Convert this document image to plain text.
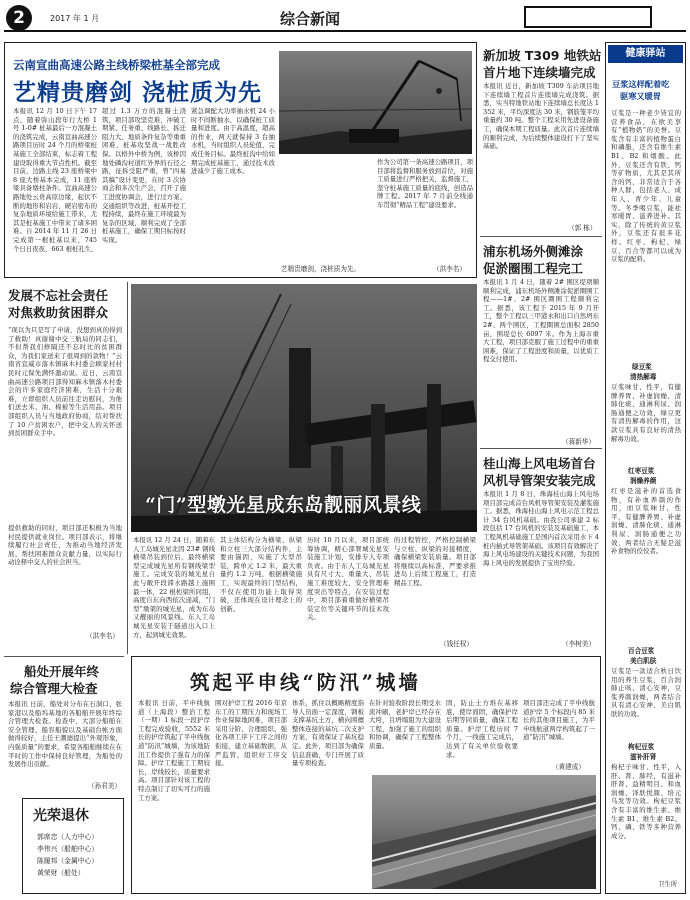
2	2017 年 1 月	综合新闻
云南宣曲高速公路主线桥梁桩基全部完成
艺精贵磨剑 浇桩质为先
本报讯 12 月 10 日下午 17 点，随着弥山段年行大桥 1 号 1-0# 桩基最后一方混凝土的浇筑完成，云南宣曲高速公路项目历时 24 个月的桥梁桩基施工全部结束，标志着工程建设取得重大节点性机。截至目前，边路主线 23 座桥梁中 8 座大桥基本完成，11 座桥梁具备墩柱条件。宣曲高速公路地处云贵高原边缘，起伏不断的地形和岩岩、硬岩密布的复杂地质环境给施工带来，尤其是桩基施工中带来了诸多困难。自 2014 年 11 月 26 日完成第一根桩基以来，745 个日日夜夜，663 根桩孔生,
超过 1.3 万方的混凝土浇筑，项目部攻坚克难，冲破工期紧、任务重、线路长、拆迁阻力大、地质条件复杂等重重困难，桩基攻坚战一战胜改保。以格外中桥为例，该桥因地处磷沟村道红外界的石径之路，征拆受阻严重，曾“四易其稿”设计变更，在时 3 次协商会和多次生产会，召开了施工进度协调会，进行过方案、交通组织等改进，桩基开挖工程持续，最终在施工环境最为复杂的区域，顺利完成了全部桩基施工，确保工期目标按时实现。
紧急调配大功率抽水机 24 小时不间断抽水，以确保桩工质量和进度。由于高温度，超高的作业，两天就保持 3 台抽水机，当时组织人员轮值，完成任务目标。最终桩沟中给如期完成桩基施工，通过技术改进减少了施工成本。
作为公司第一条高速公路项目，项目部将监督和服务放到首位，对施工质量进行严格把关，监督施工，坚守桩基施工质量的底线，创造品牌工程。2017 年 7 月前全线通车贯彻“精品工程”建设要求。
艺精贵磨剑，浇桩质为先。	（洪李名）
新加坡 T309 地铁站
首片地下连续墙完成
本报讯 近日，新加坡 T309 车站项目地下连续墙工程首片连续墙完成浇筑。据悉，实当特地铁站地下连续墙总长度达 1352 米，平均深度达 30 米，钢筋笼平均重量约 30 吨。整个工程采用先进设备施工，确保本期工程质量。此次首片连续墙的顺利完成，为后续整体建设打下了坚实基础。
（郭 栋）
浦东机场外侧滩涂
促淤圈围工程完工
本报讯 1 月 4 日，随着 2# 围区堤项顺顺利完成，浦东机场外侧滩涂促淤圈围工程——1#、2# 围区圈围工程顺利完工。据悉，该工程于 2015 年 9 月开工，整个工程以三甲港永和出口自然坍东 2#、两个围区，工程圈围总面积 2850 亩，围堤总长 6097 米。作为上海市重大工程，项目部克服了施工过程中的重重困难，保证了工程进度和质量，以优质工程交付使用。
（蒋新华）
桂山海上风电场首台
风机导管架安装完成
本报讯 1 月 8 日，珠海桂山海上风电场项目部完成首台风机导管架安装及灌浆施工。据悉，珠海桂山海上风电示范工程总计 34 台风机基础。由我公司承建 2 标段包括 17 台风机的安装及基础施工，本工程风机基础施工是国内首次采用水下 4 桩内插式导管架基础。该项目有效解决了海上风电场建设的关键技术问题，为我国海上风电的发展提供了宝贵经验。
（李树美）
健康驿站
豆浆这样配着吃
驱寒又暖胃
豆浆是一种老少皆宜的营养食品，在欧美享有“植物奶”的美誉。豆浆含有丰富的植物蛋白和磷脂，还含有维生素 B1、B2 和烟酸。此外，豆浆还含有铁、钙等矿物质，尤其是其所含的钙，非常适合于各种人群，包括老人、成年人、青少年、儿童等。冬季喝豆浆，能祛寒暖胃、滋养进补。其实，除了传统的黄豆浆外，豆浆还有很多花样。红枣、枸杞、绿豆、百合等都可以成为豆浆的配料。
绿豆浆
清热解毒
豆浆味甘、性平，有健脾养胃、补虚润燥、清肺化痰、通淋利尿、润肠通便之功效，绿豆更有清热解毒的作用，这款豆浆具有良好的清热解毒功效。
红枣豆浆
润燥养颜
红枣是滋补的首选食物，有补血养颜的作用，而豆浆味甘，性平，有健脾养胃、补虚润燥、清肺化痰、通淋利尿、润肠通便之功效，两者结合无疑是滋补食物的佼佼者。
百合豆浆
美白肌肤
豆浆是一款适合秋日饮用的养生豆浆，百合润肺止咳、清心安神，豆浆养颜润燥，两者结合具有清心安神、美白肌肤的功效。
枸杞豆浆
滋补肝肾
枸杞子味甘、性平，入肝、肾、肺经，有滋补肝肾、益精明目、和血润燥、泽肤悦颜、培元乌发等功效。枸杞豆浆含有丰富的维生素、维生素 B1、维生素 B2、钙、磷、铁等多种营养成分。
卫生所
发展不忘社会责任
对焦救助贫困群众
“现以为只是写了申请，没想到真的得到了救助！真谢谢中交三航局的同志们，不但帮我们修隔还不忘时比的贫困群众，为我们家送来了很周到的款物！”云南省宣威市落木镇麻木村委会顾家村村民时元保先满怀激动说。近日，云南宣曲高速公路项目部得知麻木镇落木村委会的许多家庭经济困难，生活十分艰难，立即组织人员前往走访慰问，为他们送去米、油、棉被等生活用品。项目部组织人员与当地政府协商，结对帮扶了 10 户贫困农户，把中交人的关怀送到贫困群众手中。
提供救助的同时，项目部还积极为当地村民提供就业岗位。项目部表示，将继续履行社会责任，为推动当地经济发展、帮扶困难群众贡献力量，以实际行动诠释中交人的社会担当。
（洪李名）
“门”型墩光星成东岛靓丽风景线
本报讯 12 月 24 日，随着东人工岛城光星北因 23# 钢线横梁吊装到位后，最终横梁型完成城光星所有钢线梁型施工。完成安装的城光星自此与敞开段滞水路越上施围最一体，22 根桁梁所同组，高度自东向西依次递减，“门型”墩架的城光星，成为东岛又靓丽的风景线。东人工岛城光星安装于隧道出入口上方，起到城光效果。
其主体结构分为横梁、纵梁和立柱三大部分结构件，主要由锚固，实施了大型吊装，跨单元 1.2 米，最大重量约 1.2 万吨，根据横梁施工，实现最终的门型结构，不仅在使用功能上取得突破，还体现在设计理念上的创新。
历时 10 月以来，项目部统筹协调，精心部署城光星安装施工计划，安排专人专项负责。由于东人工岛城光星具有尺寸大、重量大、吊装施工难度较大、安全管理难度突出等特点，在安装过程中，项目部着重做好横梁吊装定位等关键环节的技术攻关。
的过程管控，严格控制横梁与立柱、纵梁的对接精度，确保横梁安装质量。项目部将继续以高标准、严要求推进岛上后续工程施工，打造精品工程。
（钱任权）
船处开展年终
综合管理大检查
本报讯 日前，船处对分布在石洞口、张家港以及船坞基地的各船舶开展年终综合管理大检查。检查中，大部分船舶在安全管理、船容船貌以及基础台帐方面做得较好，主任王潮德提出“外观形象，内强质量”的要求，希望各船舶继续在在平时的工作中保持良好管理，为船处的发展作出贡献。
（孙君美）
光荣退休
郭席忠（人力中心）
李伟兴（船舶中心）
陈履邦（金属中心）
黄荣财（船处）
筑起平申线“防汛”城墙
本报讯 日前，平申线航道（上海段）整治工程（一期）1 标段一段护岸工程完成验收，5552 米长的护岸筑起了平申线航道“防汛”城墙，为该地防汛工作提供了强有力的保障。护岸工程施工工期较长，岸线较长，质量要求高。项目部针对该工程的特点制订了切实可行的施工方案。
围对护岸工程 2016 年京东工的工期压力和现场工作业保障地困难，项目部采用分阶、合理组织、强化各项工序下工序之间的衔接，建立基础数据，从严监管，组织好工序交接。
体系，抓住以概略精度指导人员面一定深度，钢板支撑基坑土方，横向围檩整体连接的基坑二次支护方案，有效保证了基坑稳定。此外，项目部为确保信息准确，专门开展了质量专项检查。
在针对验收阶段长期受水流冲刷，老护岸已经存在大垮，且坍塌阻为大建设工程，加强了施工的组织和协调，确保了工程整体质量。
固，防止土方堆在基移底，使岸面固，确保护岸后期等同质量，确保工程质量。护岸工程历时 7 个月，一线施工完成后，达到了有关单位验收要求。
项目部还完成了平申线航道护岸 5 个标段内 85 米长的其他项目施工，为平申线航道两岸构筑起了一道“防汛”城墙。
（黄建成）
